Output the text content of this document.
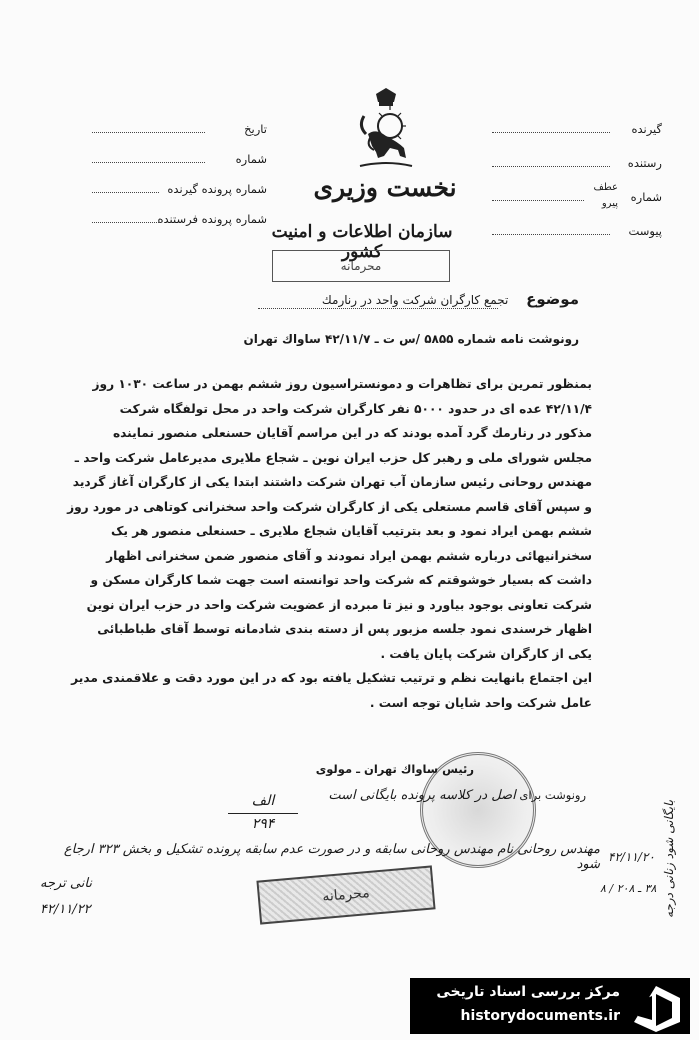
تاریخ
شماره
شماره پرونده گیرنده
شماره پرونده فرستنده
گیرنده
رستنده
شماره
عطف
پیرو
پیوست
نخست وزیری
سازمان اطلاعات و امنیت کشور
محرمانه
موضوع تجمع کارگران شرکت واحد در رنارمك
رونوشت نامه شماره ۵۸۵۵ /س ت ـ ۴۲/۱۱/۷ ساواك تهران

بمنظور تمرین برای تظاهرات و دمونستراسیون روز ششم بهمن در ساعت ۱۰۳۰ روز

۴۲/۱۱/۴ عده ای در حدود ۵۰۰۰ نفر کارگران شرکت واحد در محل تولفگاه شرکت

مذکور در رنارمك گرد آمده بودند که در این مراسم آقایان حسنعلی منصور نماینده

مجلس شورای ملی و رهبر کل حزب ایران نوین ـ شجاع ملایری مدیرعامل شرکت واحد ـ

مهندس روحانی رئیس سازمان آب تهران شرکت داشتند ابتدا یکی از کارگران آغاز گردید

و سپس آقای قاسم مستعلی یکی از کارگران شرکت واحد سخنرانی کوتاهی در مورد روز

ششم بهمن ایراد نمود و بعد بترتیب آقایان شجاع ملایری ـ حسنعلی منصور هر یک

سخنرانیهائی درباره ششم بهمن ایراد نمودند و آقای منصور ضمن سخنرانی اظهار

داشت که بسیار خوشوقتم که شرکت واحد توانسته است جهت شما کارگران مسکن و

شرکت تعاونی بوجود بیاورد و نیز تا مبرده از عضویت شرکت واحد در حزب ایران نوین

اظهار خرسندی نمود جلسه مزبور پس از دسته بندی شادمانه توسط آقای طباطبائی

یکی از کارگران شرکت پایان یافت .

این اجتماع بانهایت نظم و ترتیب تشکیل یافته بود که در این مورد دقت و علاقمندی مدیر

عامل شرکت واحد شایان توجه است .

رئیس ساواك تهران ـ مولوی
رونوشت برای اصل در کلاسه پرونده بایگانی است
الف
۲۹۴	بایگانی شود زنانی درجه
۴۲/۱۱/۲۰
۳۸ ـ ۲۰۸ / ۸
مهندس روحانی نام مهندس روحانی سابقه و در صورت عدم سابقه پرونده تشکیل و بخش ۳۲۳ ارجاع شود
نانی ترجه
۴۲/۱۱/۲۲
محرمانه
مرکز بررسی اسناد تاریخی
historydocuments.ir
